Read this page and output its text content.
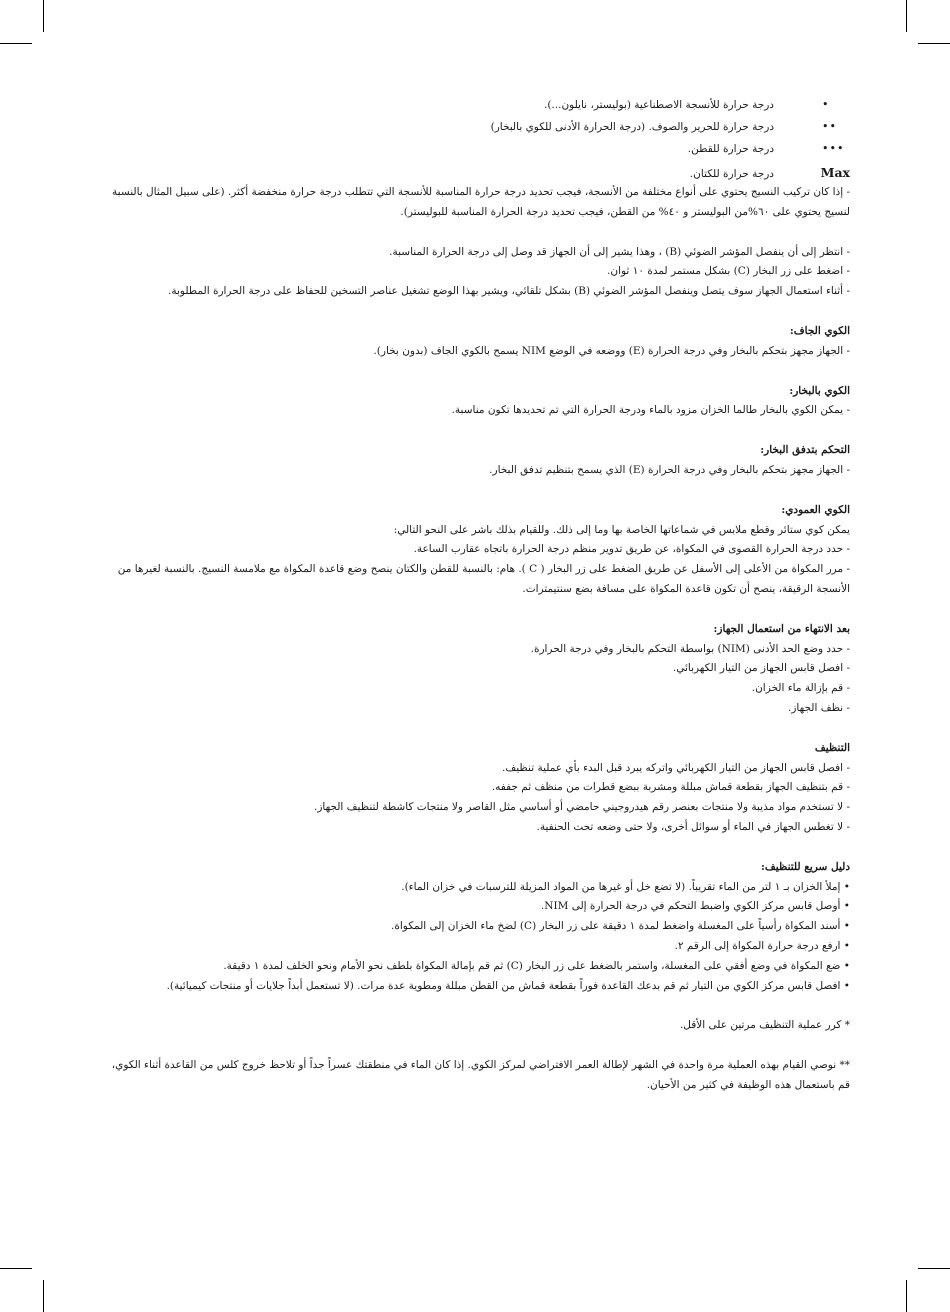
•
درجة حرارة للأنسجة الاصطناعية (بوليستر، نايلون...).
••
درجة حرارة للحرير والصوف. (درجة الحرارة الأدنى للكوي بالبخار)
•••
درجة حرارة للقطن.
Max
درجة حرارة للكتان.

- إذا كان تركيب النسيج يحتوي على أنواع مختلفة من الأنسجة، فيجب تحديد درجة حرارة المناسبة للأنسجة التي تتطلب درجة حرارة منخفضة أكثر. (على سبيل المثال بالنسبة لنسيج يحتوي على ٦٠%من البوليستر و ٤٠% من القطن، فيجب تحديد درجة الحرارة المناسبة للبوليستر).

- انتظر إلى أن ينفصل المؤشر الضوئي (B) ، وهذا يشير إلى أن الجهاز قد وصل إلى درجة الحرارة المناسبة.

- اضغط على زر البخار (C) بشكل مستمر لمدة ١٠ ثوان.

- أثناء استعمال الجهاز سوف يتصل وينفصل المؤشر الضوئي (B) بشكل تلقائي، ويشير بهذا الوضع تشغيل عناصر التسخين للحفاظ على درجة الحرارة المطلوبة.

الكوي الجاف:

- الجهاز مجهز بتحكم بالبخار وفي درجة الحرارة (E) ووضعه في الوضع NIM يسمح بالكوي الجاف (بدون بخار).

الكوي بالبخار:

- يمكن الكوي بالبخار طالما الخزان مزود بالماء ودرجة الحرارة التي تم تحديدها تكون مناسبة.

التحكم بتدفق البخار:

- الجهاز مجهز بتحكم بالبخار وفي درجة الحرارة (E) الذي يسمح بتنظيم تدفق البخار.

الكوي العمودي:

يمكن كوي ستائر وقطع ملابس في شماعاتها الخاصة بها وما إلى ذلك. وللقيام بذلك باشر على النحو التالي:

- حدد درجة الحرارة القصوى في المكواة، عن طريق تدوير منظم درجة الحرارة باتجاه عقارب الساعة.

- مرر المكواة من الأعلى إلى الأسفل عن طريق الضغط على زر البخار ( C ). هام: بالنسبة للقطن والكتان ينصح وضع قاعدة المكواة مع ملامسة النسيج. بالنسبة لغيرها من الأنسجة الرقيقة، ينصح أن تكون قاعدة المكواة على مسافة بضع سنتيمترات.

بعد الانتهاء من استعمال الجهاز:

- حدد وضع الحد الأدنى (NIM) بواسطة التحكم بالبخار وفي درجة الحرارة.

- افصل قابس الجهاز من التيار الكهربائي.

- قم بإزالة ماء الخزان.

- نظف الجهاز.

التنظيف

- افصل قابس الجهاز من التيار الكهربائي واتركه يبرد قبل البدء بأي عملية تنظيف.

- قم بتنظيف الجهاز بقطعة قماش مبللة ومشربة ببضع قطرات من منظف ثم جففه.

- لا تستخدم مواد مذيبة ولا منتجات بعنصر رقم هيدروجيني حامضي أو أساسي مثل القاصر ولا منتجات كاشطة لتنظيف الجهاز.

- لا تغطس الجهاز في الماء أو سوائل أخرى، ولا حتى وضعه تحت الحنفية.

دليل سريع للتنظيف:

• إملأ الخزان بـ ١ لتر من الماء تقريباً. (لا تضع خل أو غيرها من المواد المزيلة للترسبات في خزان الماء).

• أوصل قابس مركز الكوي واضبط التحكم في درجة الحرارة إلى NIM.

• أسند المكواة رأسياً على المغسلة واضغط لمدة ١ دقيقة على زر البخار (C) لضخ ماء الخزان إلى المكواة.

• ارفع درجة حرارة المكواة إلى الرقم ٢.

• ضع المكواة في وضع أفقي على المغسلة، واستمر بالضغط على زر البخار (C) ثم قم بإمالة المكواة بلطف نحو الأمام ونحو الخلف لمدة ١ دقيقة.

• افصل قابس مركز الكوي من التيار ثم قم بدعك القاعدة فوراً بقطعة قماش من القطن مبللة ومطوية عدة مرات. (لا تستعمل أبداً جلايات أو منتجات كيميائية).

* كرر عملية التنظيف مرتين على الأقل.

** نوصي القيام بهذه العملية مرة واحدة في الشهر لإطالة العمر الافتراضي لمركز الكوي. إذا كان الماء في منطقتك عسراً جداً أو تلاحظ خروج كلس من القاعدة أثناء الكوي، قم باستعمال هذه الوظيفة في كثير من الأحيان.
